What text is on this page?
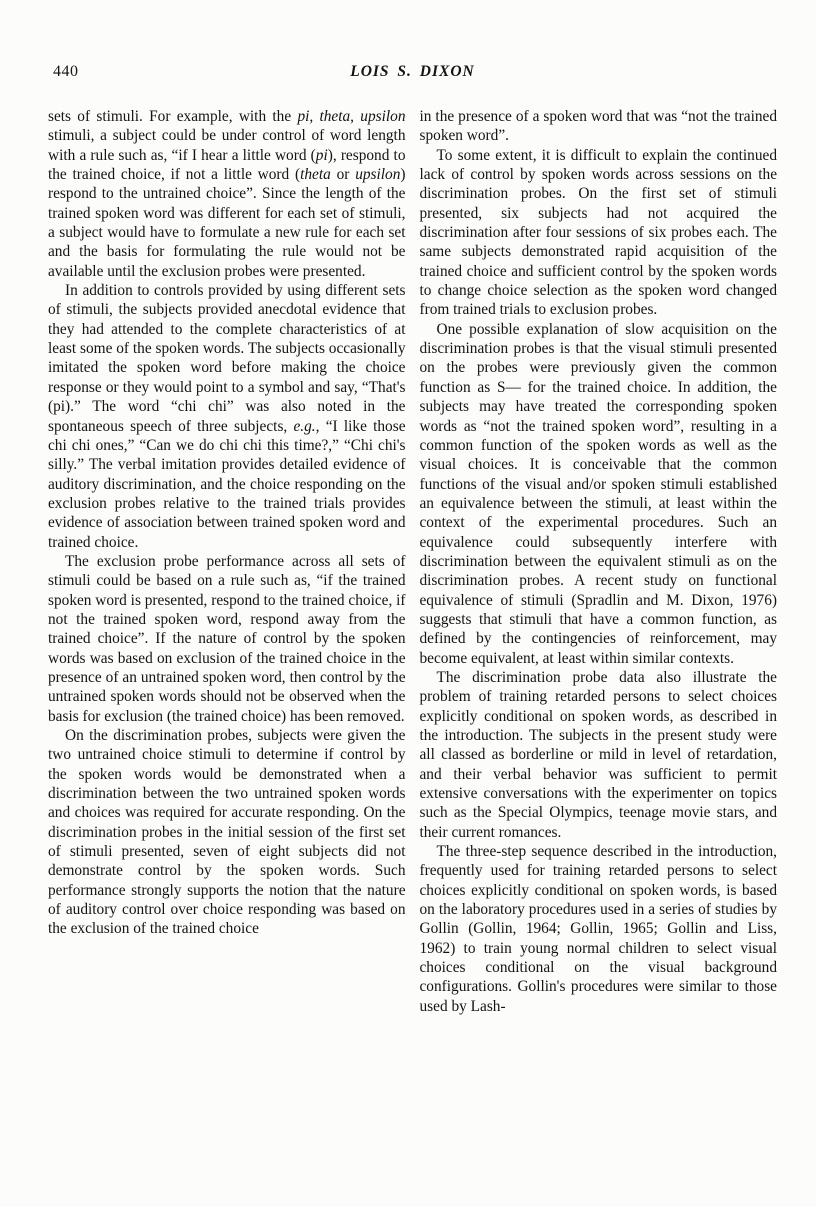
440	LOIS S. DIXON

sets of stimuli. For example, with the pi, theta, upsilon stimuli, a subject could be under control of word length with a rule such as, “if I hear a little word (pi), respond to the trained choice, if not a little word (theta or upsilon) respond to the untrained choice”. Since the length of the trained spoken word was different for each set of stimuli, a subject would have to formulate a new rule for each set and the basis for formulating the rule would not be available until the exclusion probes were presented.

In addition to controls provided by using different sets of stimuli, the subjects provided anecdotal evidence that they had attended to the complete characteristics of at least some of the spoken words. The subjects occasionally imitated the spoken word before making the choice response or they would point to a symbol and say, “That's (pi).” The word “chi chi” was also noted in the spontaneous speech of three subjects, e.g., “I like those chi chi ones,” “Can we do chi chi this time?,” “Chi chi's silly.” The verbal imitation provides detailed evidence of auditory discrimination, and the choice responding on the exclusion probes relative to the trained trials provides evidence of association between trained spoken word and trained choice.

The exclusion probe performance across all sets of stimuli could be based on a rule such as, “if the trained spoken word is presented, respond to the trained choice, if not the trained spoken word, respond away from the trained choice”. If the nature of control by the spoken words was based on exclusion of the trained choice in the presence of an untrained spoken word, then control by the untrained spoken words should not be observed when the basis for exclusion (the trained choice) has been removed.

On the discrimination probes, subjects were given the two untrained choice stimuli to determine if control by the spoken words would be demonstrated when a discrimination between the two untrained spoken words and choices was required for accurate responding. On the discrimination probes in the initial session of the first set of stimuli presented, seven of eight subjects did not demonstrate control by the spoken words. Such performance strongly supports the notion that the nature of auditory control over choice responding was based on the exclusion of the trained choice

in the presence of a spoken word that was “not the trained spoken word”.

To some extent, it is difficult to explain the continued lack of control by spoken words across sessions on the discrimination probes. On the first set of stimuli presented, six subjects had not acquired the discrimination after four sessions of six probes each. The same subjects demonstrated rapid acquisition of the trained choice and sufficient control by the spoken words to change choice selection as the spoken word changed from trained trials to exclusion probes.

One possible explanation of slow acquisition on the discrimination probes is that the visual stimuli presented on the probes were previously given the common function as S— for the trained choice. In addition, the subjects may have treated the corresponding spoken words as “not the trained spoken word”, resulting in a common function of the spoken words as well as the visual choices. It is conceivable that the common functions of the visual and/or spoken stimuli established an equivalence between the stimuli, at least within the context of the experimental procedures. Such an equivalence could subsequently interfere with discrimination between the equivalent stimuli as on the discrimination probes. A recent study on functional equivalence of stimuli (Spradlin and M. Dixon, 1976) suggests that stimuli that have a common function, as defined by the contingencies of reinforcement, may become equivalent, at least within similar contexts.

The discrimination probe data also illustrate the problem of training retarded persons to select choices explicitly conditional on spoken words, as described in the introduction. The subjects in the present study were all classed as borderline or mild in level of retardation, and their verbal behavior was sufficient to permit extensive conversations with the experimenter on topics such as the Special Olympics, teenage movie stars, and their current romances.

The three-step sequence described in the introduction, frequently used for training retarded persons to select choices explicitly conditional on spoken words, is based on the laboratory procedures used in a series of studies by Gollin (Gollin, 1964; Gollin, 1965; Gollin and Liss, 1962) to train young normal children to select visual choices conditional on the visual background configurations. Gollin's procedures were similar to those used by Lash-
